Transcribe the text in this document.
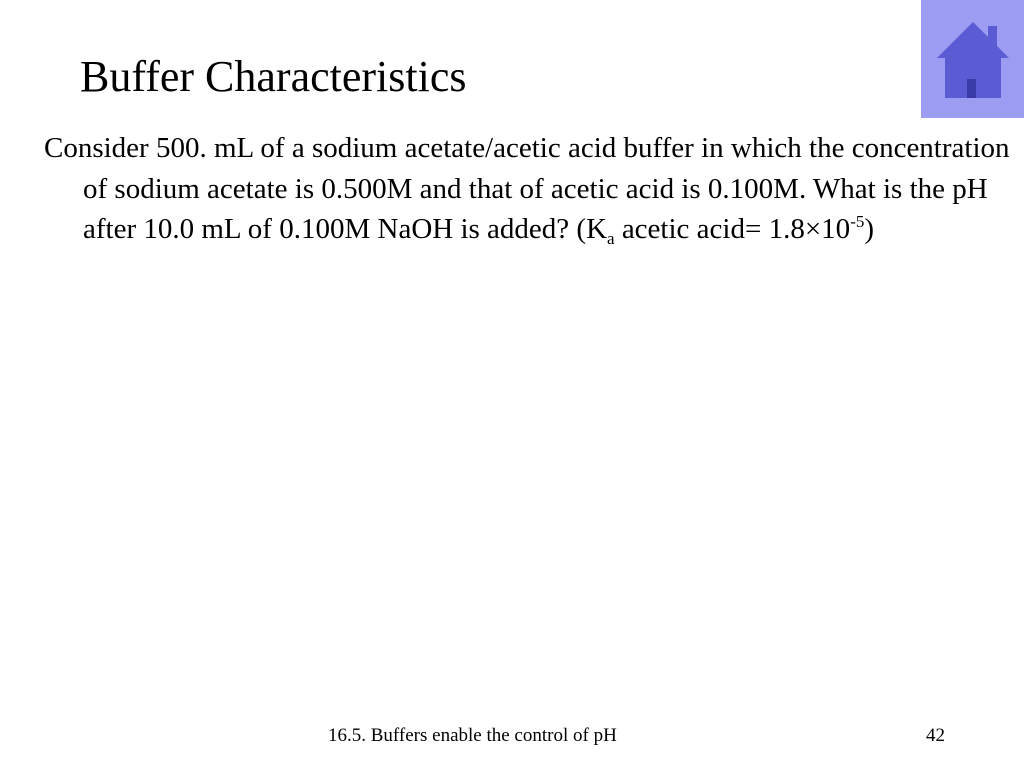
Buffer Characteristics

Consider 500. mL of a sodium acetate/acetic acid buffer in which the concentration of sodium acetate is 0.500M and that of acetic acid is 0.100M. What is the pH after 10.0 mL of 0.100M NaOH is added? ($K_a$ acetic acid= $1.8\times 10^{-5}$)

16.5. Buffers enable the control of pH	42
